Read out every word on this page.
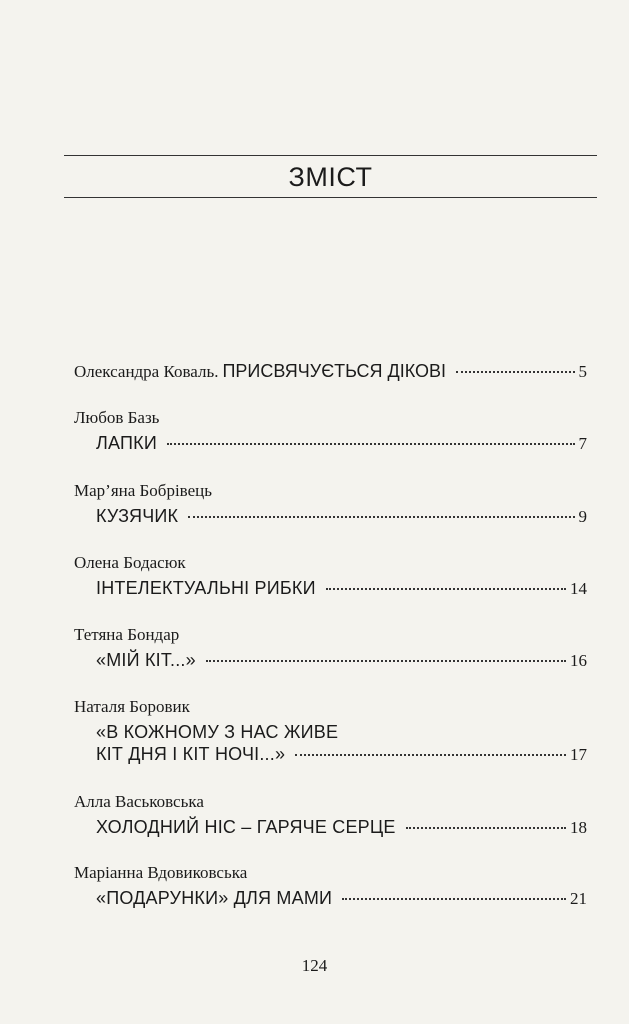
ЗМІСТ
Олександра Коваль. ПРИСВЯЧУЄТЬСЯ ДІКОВІ	5
Любов Базь
ЛАПКИ	7
Мар’яна Бобрівець
КУЗЯЧИК	9
Олена Бодасюк
ІНТЕЛЕКТУАЛЬНІ РИБКИ	14
Тетяна Бондар
«МІЙ КІТ...»	16
Наталя Боровик
«В КОЖНОМУ З НАС ЖИВЕ
КІТ ДНЯ І КІТ НОЧІ...»	17
Алла Васьковська
ХОЛОДНИЙ НІС – ГАРЯЧЕ СЕРЦЕ	18
Маріанна Вдовиковська
«ПОДАРУНКИ» ДЛЯ МАМИ	21
124
